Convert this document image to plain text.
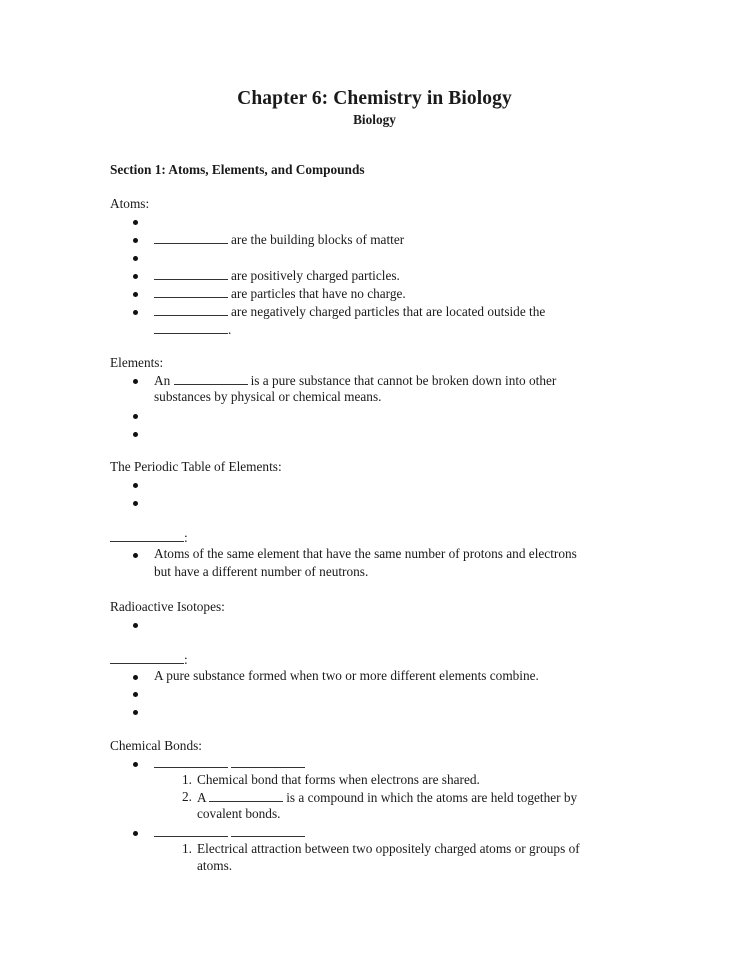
Chapter 6: Chemistry in Biology
Biology
Section 1: Atoms, Elements, and Compounds
Atoms:
are the building blocks of matter
are positively charged particles.
are particles that have no charge.
are negatively charged particles that are located outside the
.
Elements:
An	is a pure substance that cannot be broken down into other
substances by physical or chemical means.
The Periodic Table of Elements:
:
Atoms of the same element that have the same number of protons and electrons
but have a different number of neutrons.
Radioactive Isotopes:
:
A pure substance formed when two or more different elements combine.
Chemical Bonds:
1. Chemical bond that forms when electrons are shared.
2. A	is a compound in which the atoms are held together by
covalent bonds.
1. Electrical attraction between two oppositely charged atoms or groups of
atoms.
